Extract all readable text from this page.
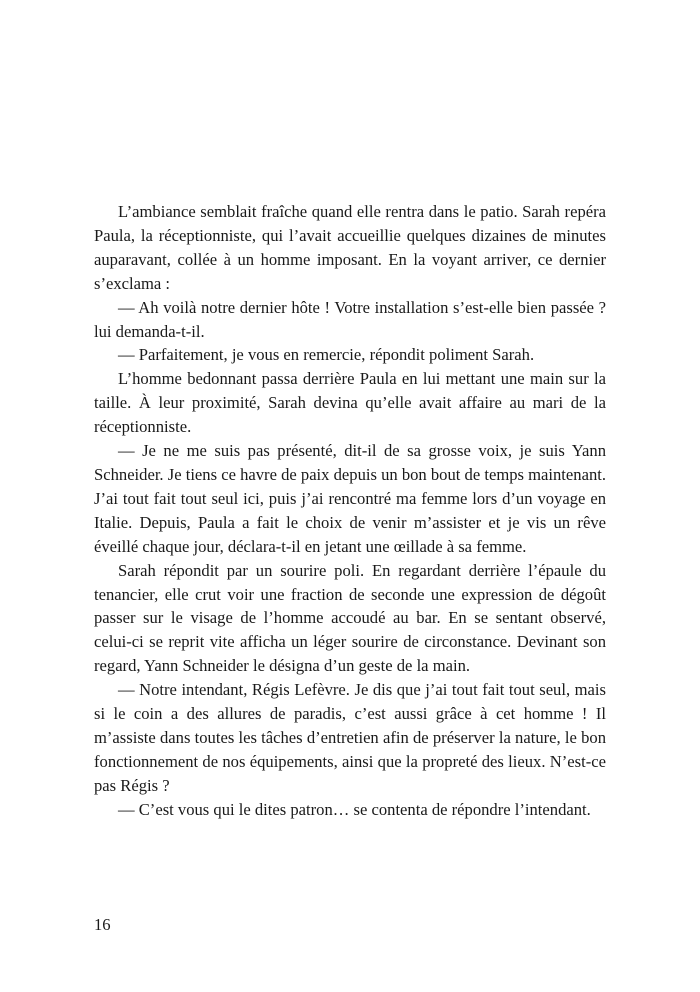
L’ambiance semblait fraîche quand elle rentra dans le patio. Sarah repéra Paula, la réceptionniste, qui l’avait accueillie quelques dizaines de minutes auparavant, collée à un homme imposant. En la voyant arriver, ce dernier s’exclama :

— Ah voilà notre dernier hôte ! Votre installation s’est-elle bien passée ? lui demanda-t-il.

— Parfaitement, je vous en remercie, répondit poliment Sarah.

L’homme bedonnant passa derrière Paula en lui mettant une main sur la taille. À leur proximité, Sarah devina qu’elle avait affaire au mari de la réceptionniste.

— Je ne me suis pas présenté, dit-il de sa grosse voix, je suis Yann Schneider. Je tiens ce havre de paix depuis un bon bout de temps maintenant. J’ai tout fait tout seul ici, puis j’ai rencontré ma femme lors d’un voyage en Italie. Depuis, Paula a fait le choix de venir m’assister et je vis un rêve éveillé chaque jour, déclara-t-il en jetant une œillade à sa femme.

Sarah répondit par un sourire poli. En regardant derrière l’épaule du tenancier, elle crut voir une fraction de seconde une expression de dégoût passer sur le visage de l’homme accoudé au bar. En se sentant observé, celui-ci se reprit vite affichа un léger sourire de circonstance. Devinant son regard, Yann Schneider le désigna d’un geste de la main.

— Notre intendant, Régis Lefèvre. Je dis que j’ai tout fait tout seul, mais si le coin a des allures de paradis, c’est aussi grâce à cet homme ! Il m’assiste dans toutes les tâches d’entretien afin de préserver la nature, le bon fonctionnement de nos équipements, ainsi que la propreté des lieux. N’est-ce pas Régis ?

— C’est vous qui le dites patron… se contenta de répondre l’intendant.

16
